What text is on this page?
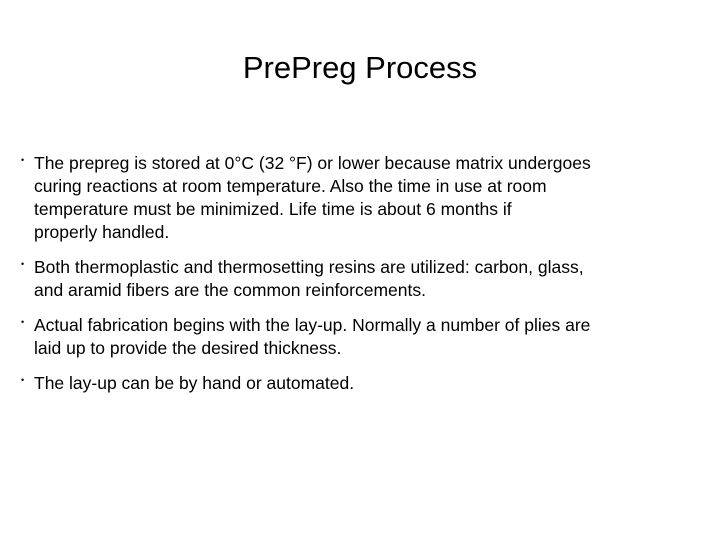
PrePreg Process
• The prepreg is stored at 0°C (32 °F) or lower because matrix undergoes
curing reactions at room temperature. Also the time in use at room
temperature must be minimized. Life time is about 6 months if
properly handled.
• Both thermoplastic and thermosetting resins are utilized: carbon, glass,
and aramid fibers are the common reinforcements.
• Actual fabrication begins with the lay-up. Normally a number of plies are
laid up to provide the desired thickness.
• The lay-up can be by hand or automated.
